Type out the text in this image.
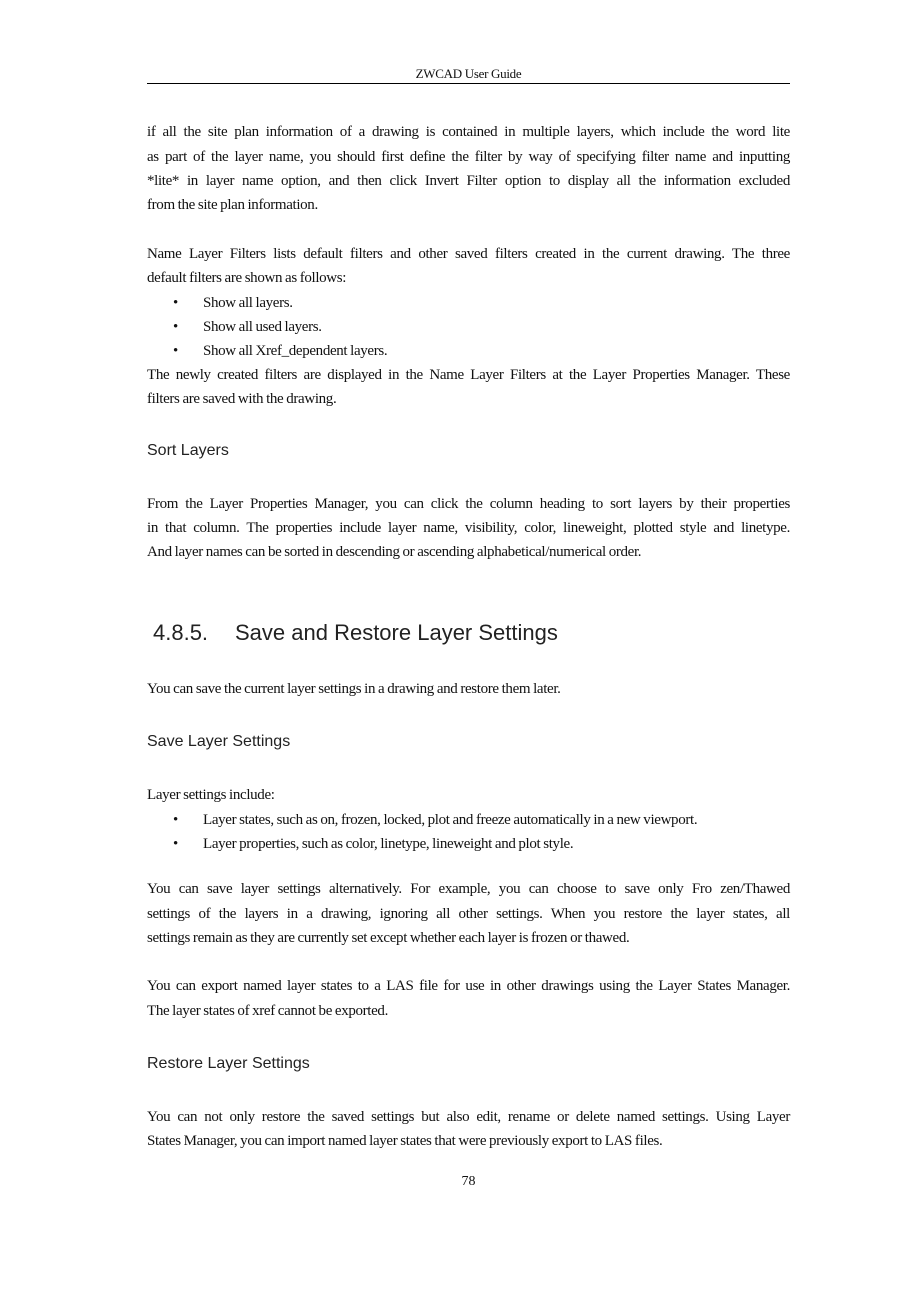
ZWCAD User Guide
if all the site plan information of a drawing is contained in multiple layers, which include the word lite
as part of the layer name, you should first define the filter by way of specifying filter name and inputting
*lite* in layer name option, and then click Invert Filter option to display all the information excluded
from the site plan information.
Name Layer Filters lists default filters and other saved filters created in the current drawing. The three
default filters are shown as follows:
•	Show all layers.
•	Show all used layers.
•	Show all Xref_dependent layers.
The newly created filters are displayed in the Name Layer Filters at the Layer Properties Manager. These
filters are saved with the drawing.
Sort Layers
From the Layer Properties Manager, you can click the column heading to sort layers by their properties
in that column. The properties include layer name, visibility, color, lineweight, plotted style and linetype.
And layer names can be sorted in descending or ascending alphabetical/numerical order.
4.8.5. Save and Restore Layer Settings
You can save the current layer settings in a drawing and restore them later.
Save Layer Settings
Layer settings include:
•	Layer states, such as on, frozen, locked, plot and freeze automatically in a new viewport.
•	Layer properties, such as color, linetype, lineweight and plot style.
You can save layer settings alternatively. For example, you can choose to save only Fro zen/Thawed
settings of the layers in a drawing, ignoring all other settings. When you restore the layer states, all
settings remain as they are currently set except whether each layer is frozen or thawed.
You can export named layer states to a LAS file for use in other drawings using the Layer States Manager.
The layer states of xref cannot be exported.
Restore Layer Settings
You can not only restore the saved settings but also edit, rename or delete named settings. Using Layer
States Manager, you can import named layer states that were previously export to LAS files.
78
